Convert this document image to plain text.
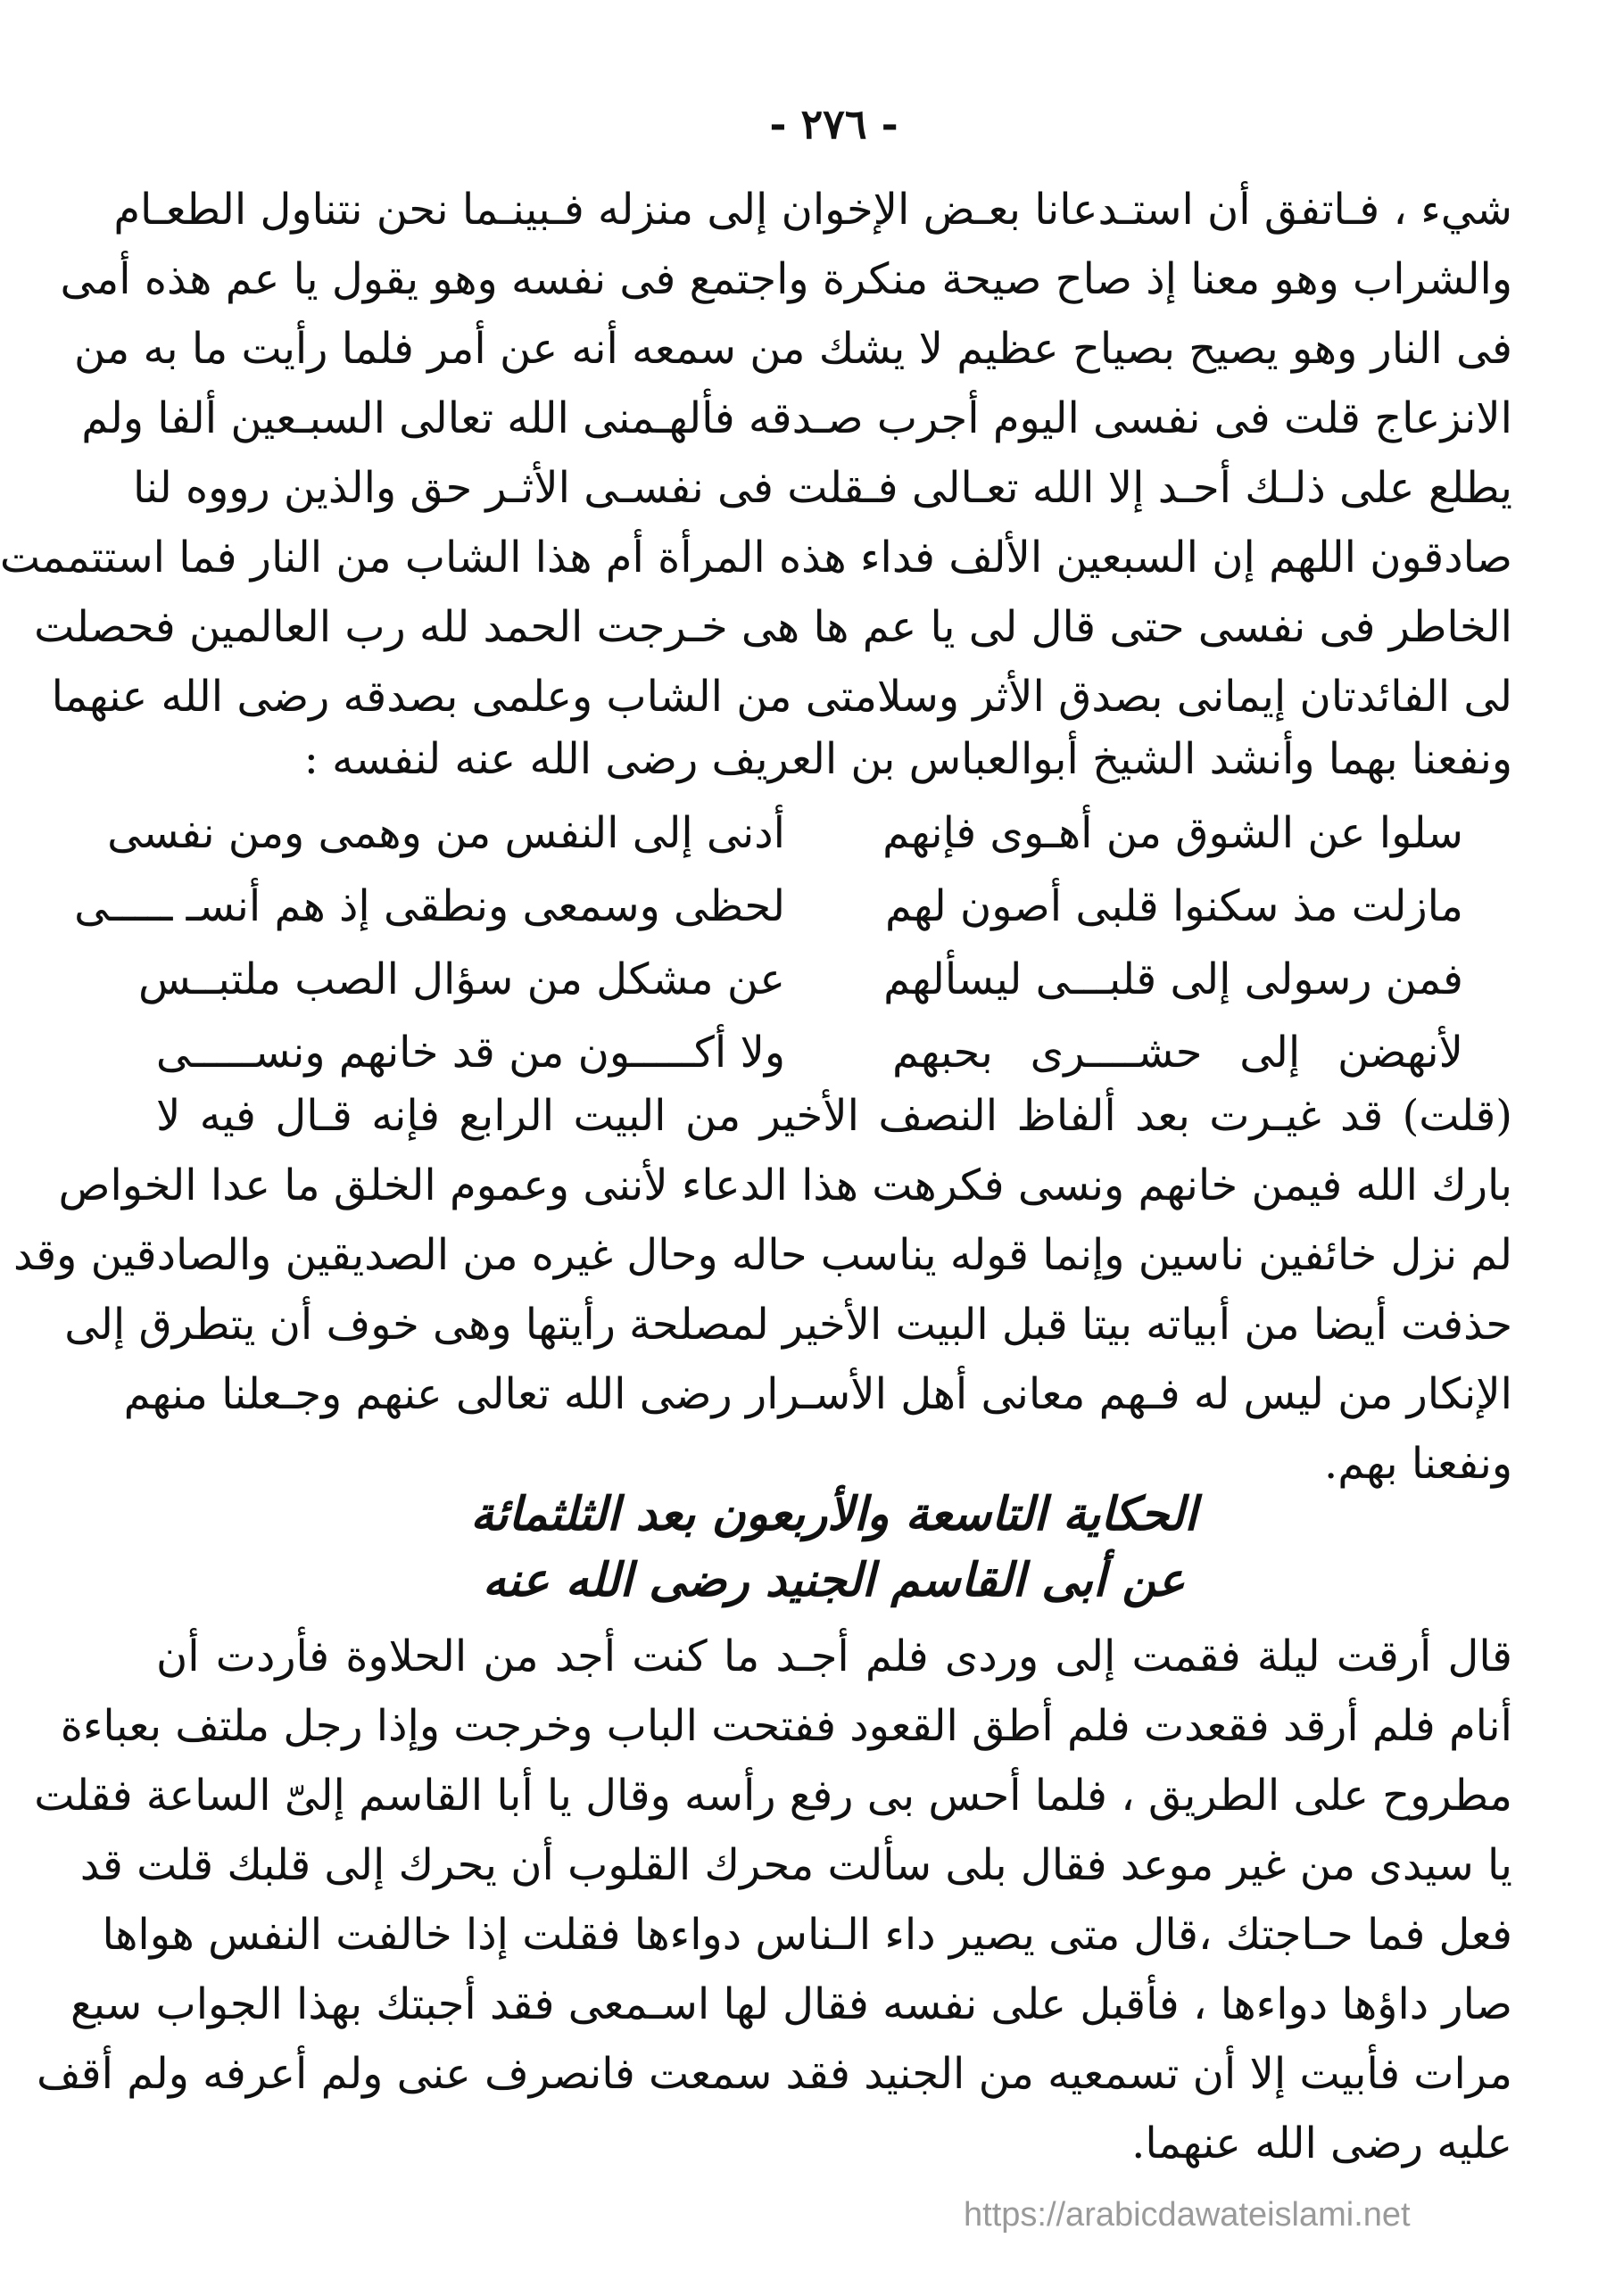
- ٢٧٦ -
شيء ، فـاتفق أن استـدعانا بعـض الإخوان إلى منزله فـبينـما نحن نتناول الطعـام
والشراب وهو معنا إذ صاح صيحة منكرة واجتمع فى نفسه وهو يقول يا عم هذه أمى
فى النار وهو يصيح بصياح عظيم لا يشك من سمعه أنه عن أمر فلما رأيت ما به من
الانزعاج قلت فى نفسى اليوم أجرب صـدقه فألهـمنى الله تعالى السبـعين ألفا ولم
يطلع على ذلـك أحـد إلا الله تعـالى فـقلت فى نفسـى الأثـر حق والذين رووه لنا
صادقون اللهم إن السبعين الألف فداء هذه المرأة أم هذا الشاب من النار فما استتممت
الخاطر فى نفسى حتى قال لى يا عم ها هى خـرجت الحمد لله رب العالمين فحصلت
لى الفائدتان إيمانى بصدق الأثر وسلامتى من الشاب وعلمى بصدقه رضى الله عنهما
ونفعنا بهما وأنشد الشيخ أبوالعباس بن العريف رضى الله عنه لنفسه :
سلوا عن الشوق من أهـوى فإنهم
أدنى إلى النفس من وهمى ومن نفسى
مازلت مذ سكنوا قلبى أصون لهم
لحظى وسمعى ونطقى إذ هم أنسـ ـــــى
فمن رسولى إلى قلبـــى ليسألهم
عن مشكل من سؤال الصب ملتبــس
لأنهضن إلى حشــــرى بحبهم
ولا أكـــــون من قد خانهم ونســـــى
(قلت) قد غيـرت بعد ألفاظ النصف الأخير من البيت الرابع فإنه قـال فيه لا
بارك الله فيمن خانهم ونسى فكرهت هذا الدعاء لأننى وعموم الخلق ما عدا الخواص
لم نزل خائفين ناسين وإنما قوله يناسب حاله وحال غيره من الصديقين والصادقين وقد
حذفت أيضا من أبياته بيتا قبل البيت الأخير لمصلحة رأيتها وهى خوف أن يتطرق إلى
الإنكار من ليس له فـهم معانى أهل الأسـرار رضى الله تعالى عنهم وجـعلنا منهم
ونفعنا بهم.
الحكاية التاسعة والأربعون بعد الثلثمائة
عن أبى القاسم الجنيد رضى الله عنه
قال أرقت ليلة فقمت إلى وردى فلم أجـد ما كنت أجد من الحلاوة فأردت أن
أنام فلم أرقد فقعدت فلم أطق القعود ففتحت الباب وخرجت وإذا رجل ملتف بعباءة
مطروح على الطريق ، فلما أحس بى رفع رأسه وقال يا أبا القاسم إلىّ الساعة فقلت
يا سيدى من غير موعد فقال بلى سألت محرك القلوب أن يحرك إلى قلبك قلت قد
فعل فما حـاجتك ،قال متى يصير داء الـناس دواءها فقلت إذا خالفت النفس هواها
صار داؤها دواءها ، فأقبل على نفسه فقال لها اسـمعى فقد أجبتك بهذا الجواب سبع
مرات فأبيت إلا أن تسمعيه من الجنيد فقد سمعت فانصرف عنى ولم أعرفه ولم أقف
عليه رضى الله عنهما.
https://arabicdawateislami.net
